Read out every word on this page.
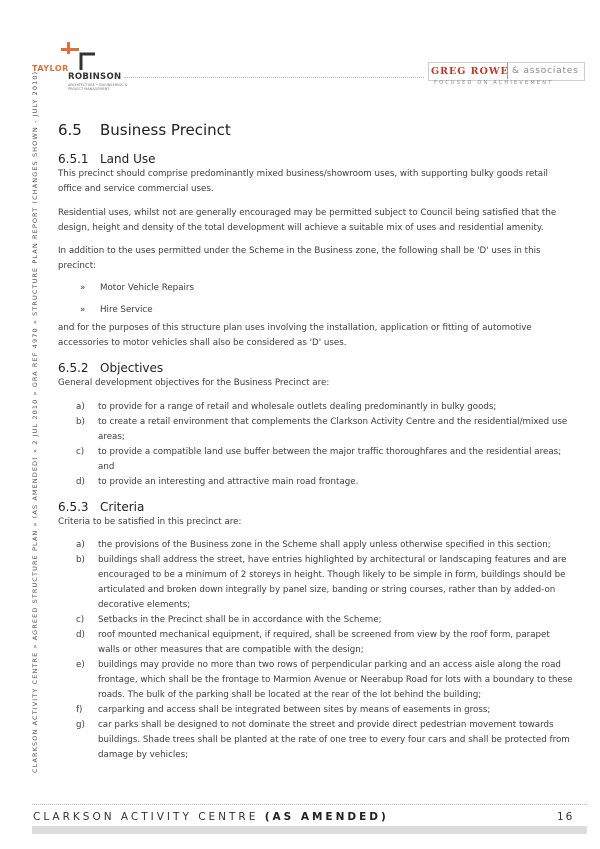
TAYLOR
ROBINSON
ARCHITECTURE • ENGINEERING & PROJECT MANAGEMENT
GREG ROWE & associates
FOCUSED ON ACHIEVEMENT
CLARKSON ACTIVITY CENTRE » AGREED STRUCTURE PLAN » (AS AMENDED) » 2 JUL 2010 » GRA REF 4970 » STRUCTURE PLAN REPORT (CHANGES SHOWN - JULY 2010) - 6.5 Business Precinct
6.5.1 Land Use
This precinct should comprise predominantly mixed business/showroom uses, with supporting bulky goods retail office and service commercial uses.
Residential uses, whilst not are generally encouraged may be permitted subject to Council being satisfied that the design, height and density of the total development will achieve a suitable mix of uses and residential amenity.
In addition to the uses permitted under the Scheme in the Business zone, the following shall be 'D' uses in this precinct:
»	Motor Vehicle Repairs
»	Hire Service
and for the purposes of this structure plan uses involving the installation, application or fitting of automotive accessories to motor vehicles shall also be considered as 'D' uses.
6.5.2 Objectives
General development objectives for the Business Precinct are:
a)	to provide for a range of retail and wholesale outlets dealing predominantly in bulky goods;
b)	to create a retail environment that complements the Clarkson Activity Centre and the residential/mixed use areas;
c)	to provide a compatible land use buffer between the major traffic thoroughfares and the residential areas; and
d)	to provide an interesting and attractive main road frontage.
6.5.3 Criteria
Criteria to be satisfied in this precinct are:
a)	the provisions of the Business zone in the Scheme shall apply unless otherwise specified in this section;
b)	buildings shall address the street, have entries highlighted by architectural or landscaping features and are encouraged to be a minimum of 2 storeys in height. Though likely to be simple in form, buildings should be articulated and broken down integrally by panel size, banding or string courses, rather than by added-on decorative elements;
c)	Setbacks in the Precinct shall be in accordance with the Scheme;
d)	roof mounted mechanical equipment, if required, shall be screened from view by the roof form, parapet walls or other measures that are compatible with the design;
e)	buildings may provide no more than two rows of perpendicular parking and an access aisle along the road frontage, which shall be the frontage to Marmion Avenue or Neerabup Road for lots with a boundary to these roads. The bulk of the parking shall be located at the rear of the lot behind the building;
f)	carparking and access shall be integrated between sites by means of easements in gross;
g)	car parks shall be designed to not dominate the street and provide direct pedestrian movement towards buildings. Shade trees shall be planted at the rate of one tree to every four cars and shall be protected from damage by vehicles;
CLARKSON ACTIVITY CENTRE (AS AMENDED)	16
